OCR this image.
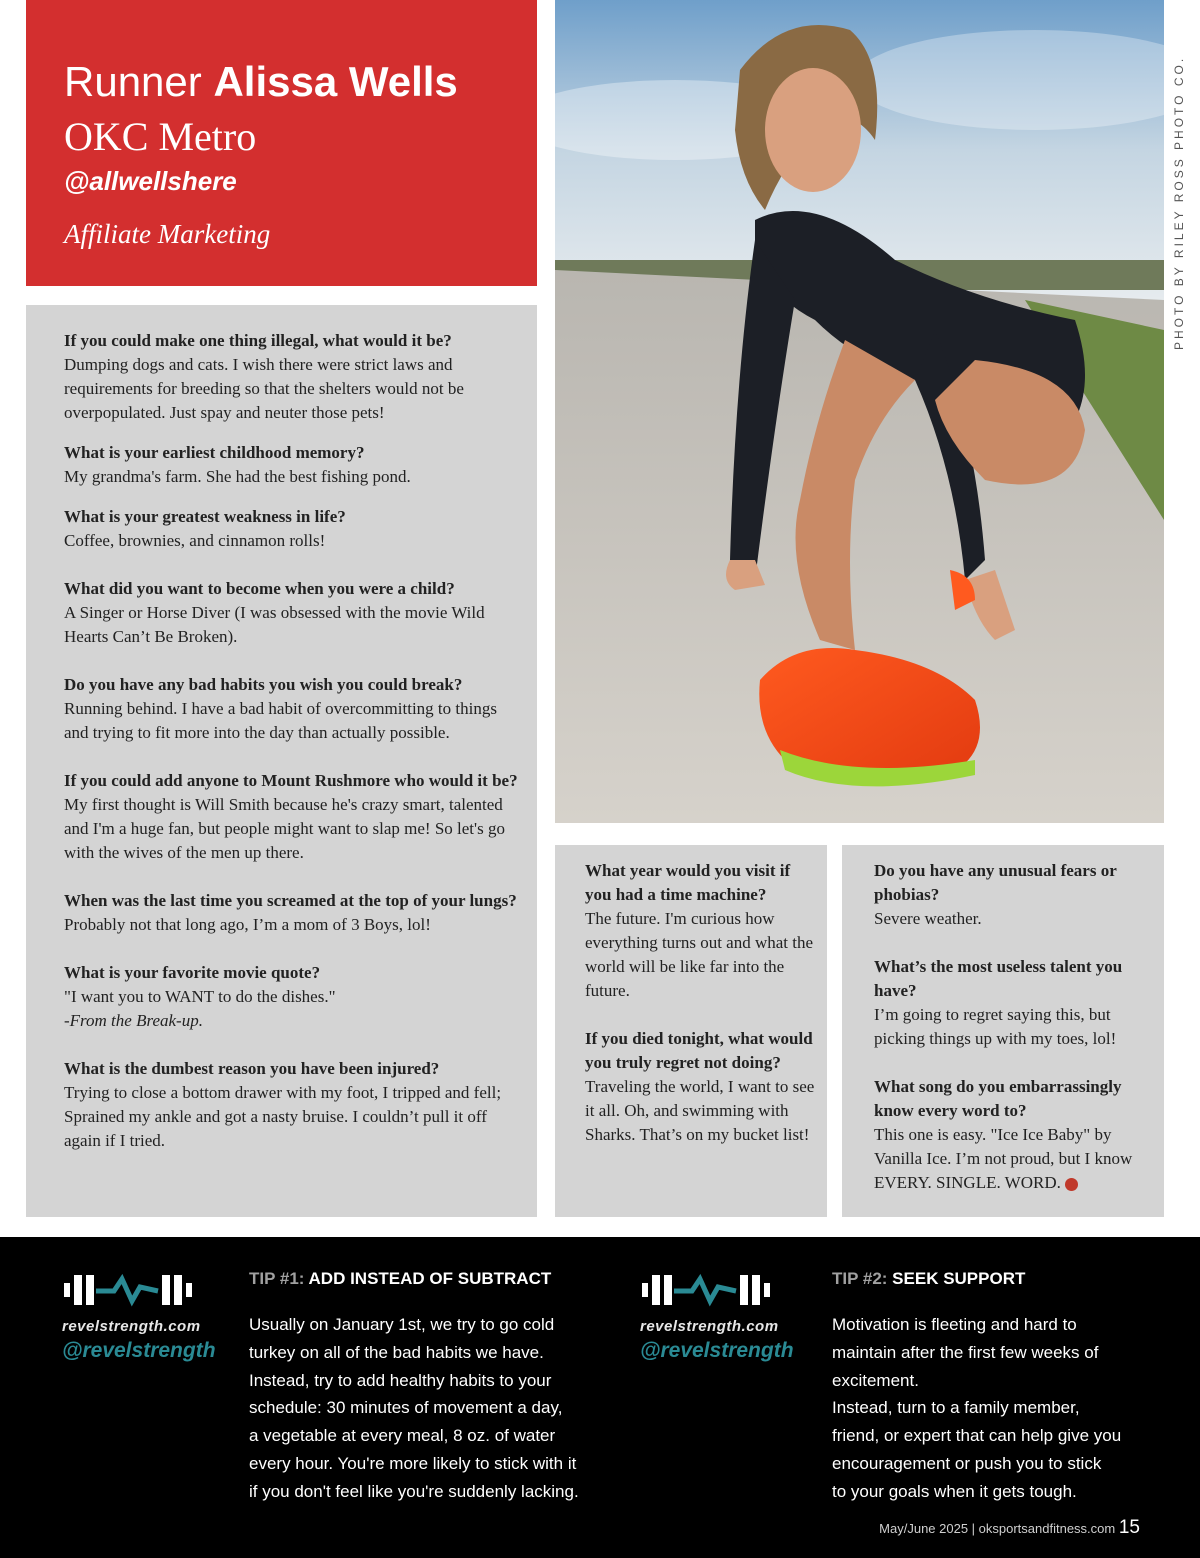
Runner Alissa Wells
OKC Metro
@allwellshere
Affiliate Marketing	PHOTO BY RILEY ROSS PHOTO CO.
If you could make one thing illegal, what would it be?
Dumping dogs and cats. I wish there were strict laws and requirements for breeding so that the shelters would not be overpopulated. Just spay and neuter those pets!
What is your earliest childhood memory?
My grandma's farm. She had the best fishing pond.
What is your greatest weakness in life?
Coffee, brownies, and cinnamon rolls!
What did you want to become when you were a child?
A Singer or Horse Diver (I was obsessed with the movie Wild Hearts Can’t Be Broken).
Do you have any bad habits you wish you could break?
Running behind. I have a bad habit of overcommitting to things and trying to fit more into the day than actually possible.
If you could add anyone to Mount Rushmore who would it be?
My first thought is Will Smith because he's crazy smart, talented and I'm a huge fan, but people might want to slap me! So let's go with the wives of the men up there.
When was the last time you screamed at the top of your lungs?
Probably not that long ago, I’m a mom of 3 Boys, lol!
What is your favorite movie quote?
"I want you to WANT to do the dishes."
-From the Break-up.
What is the dumbest reason you have been injured?
Trying to close a bottom drawer with my foot, I tripped and fell; Sprained my ankle and got a nasty bruise. I couldn’t pull it off again if I tried.
What year would you visit if you had a time machine?
The future. I'm curious how everything turns out and what the world will be like far into the future.
If you died tonight, what would you truly regret not doing?
Traveling the world, I want to see it all. Oh, and swimming with Sharks. That’s on my bucket list!
Do you have any unusual fears or phobias?
Severe weather.
What’s the most useless talent you have?
I’m going to regret saying this, but picking things up with my toes, lol!
What song do you embarrassingly know every word to?
This one is easy. "Ice Ice Baby" by Vanilla Ice. I’m not proud, but I know EVERY. SINGLE. WORD.
revelstrength.com
@revelstrength
TIP #1: ADD INSTEAD OF SUBTRACT

Usually on January 1st, we try to go cold

turkey on all of the bad habits we have.

Instead, try to add healthy habits to your

schedule: 30 minutes of movement a day,

a vegetable at every meal, 8 oz. of water

every hour. You're more likely to stick with it

if you don't feel like you're suddenly lacking.

revelstrength.com
@revelstrength
TIP #2: SEEK SUPPORT

Motivation is fleeting and hard to

maintain after the first few weeks of

excitement.

Instead, turn to a family member,

friend, or expert that can help give you

encouragement or push you to stick

to your goals when it gets tough.

May/June 2025 | oksportsandfitness.com 15
